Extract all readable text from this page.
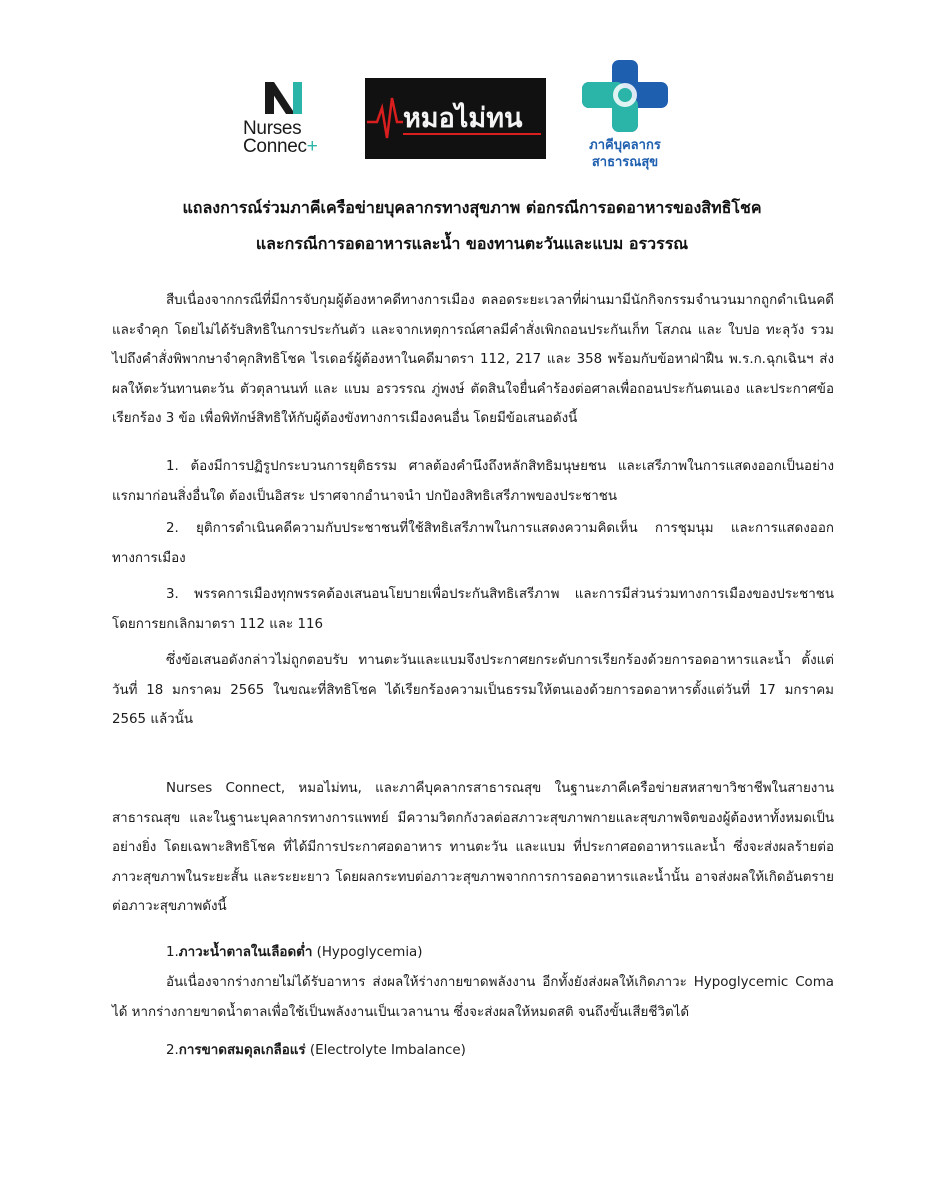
Nurses
Connec+
หมอไม่ทน
ภาคีบุคลากร
สาธารณสุข
แถลงการณ์ร่วมภาคีเครือข่ายบุคลากรทางสุขภาพ ต่อกรณีการอดอาหารของสิทธิโชค
และกรณีการอดอาหารและน้ำ ของทานตะวันและแบม อรวรรณ

สืบเนื่องจากกรณีที่มีการจับกุมผู้ต้องหาคดีทางการเมือง ตลอดระยะเวลาที่ผ่านมามีนักกิจกรรมจำนวนมากถูกดำเนินคดีและจำคุก โดยไม่ได้รับสิทธิในการประกันตัว และจากเหตุการณ์ศาลมีคำสั่งเพิกถอนประกันเก็ท โสภณ และ ใบปอ ทะลุวัง รวมไปถึงคำสั่งพิพากษาจำคุกสิทธิโชค ไรเดอร์ผู้ต้องหาในคดีมาตรา 112, 217 และ 358 พร้อมกับข้อหาฝ่าฝืน พ.ร.ก.ฉุกเฉินฯ ส่งผลให้ตะวันทานตะวัน ตัวตุลานนท์ และ แบม อรวรรณ ภู่พงษ์ ตัดสินใจยื่นคำร้องต่อศาลเพื่อถอนประกันตนเอง และประกาศข้อเรียกร้อง 3 ข้อ เพื่อพิทักษ์สิทธิให้กับผู้ต้องขังทางการเมืองคนอื่น โดยมีข้อเสนอดังนี้

1. ต้องมีการปฏิรูปกระบวนการยุติธรรม ศาลต้องคำนึงถึงหลักสิทธิมนุษยชน และเสรีภาพในการแสดงออกเป็นอย่างแรกมาก่อนสิ่งอื่นใด ต้องเป็นอิสระ ปราศจากอำนาจนำ ปกป้องสิทธิเสรีภาพของประชาชน

2. ยุติการดำเนินคดีความกับประชาชนที่ใช้สิทธิเสรีภาพในการแสดงความคิดเห็น การชุมนุม และการแสดงออกทางการเมือง

3. พรรคการเมืองทุกพรรคต้องเสนอนโยบายเพื่อประกันสิทธิเสรีภาพ และการมีส่วนร่วมทางการเมืองของประชาชน โดยการยกเลิกมาตรา 112 และ 116

ซึ่งข้อเสนอดังกล่าวไม่ถูกตอบรับ ทานตะวันและแบมจึงประกาศยกระดับการเรียกร้องด้วยการอดอาหารและน้ำ ตั้งแต่วันที่ 18 มกราคม 2565 ในขณะที่สิทธิโชค ได้เรียกร้องความเป็นธรรมให้ตนเองด้วยการอดอาหารตั้งแต่วันที่ 17 มกราคม 2565 แล้วนั้น

Nurses Connect, หมอไม่ทน, และภาคีบุคลากรสาธารณสุข ในฐานะภาคีเครือข่ายสหสาขาวิชาชีพในสายงานสาธารณสุข และในฐานะบุคลากรทางการแพทย์ มีความวิตกกังวลต่อสภาวะสุขภาพกายและสุขภาพจิตของผู้ต้องหาทั้งหมดเป็นอย่างยิ่ง โดยเฉพาะสิทธิโชค ที่ได้มีการประกาศอดอาหาร ทานตะวัน และแบม ที่ประกาศอดอาหารและน้ำ ซึ่งจะส่งผลร้ายต่อภาวะสุขภาพในระยะสั้น และระยะยาว โดยผลกระทบต่อภาวะสุขภาพจากการการอดอาหารและน้ำนั้น อาจส่งผลให้เกิดอันตรายต่อภาวะสุขภาพดังนี้

1.ภาวะน้ำตาลในเลือดต่ำ (Hypoglycemia)

อันเนื่องจากร่างกายไม่ได้รับอาหาร ส่งผลให้ร่างกายขาดพลังงาน อีกทั้งยังส่งผลให้เกิดภาวะ Hypoglycemic Coma ได้ หากร่างกายขาดน้ำตาลเพื่อใช้เป็นพลังงานเป็นเวลานาน ซึ่งจะส่งผลให้หมดสติ จนถึงขั้นเสียชีวิตได้

2.การขาดสมดุลเกลือแร่ (Electrolyte Imbalance)
